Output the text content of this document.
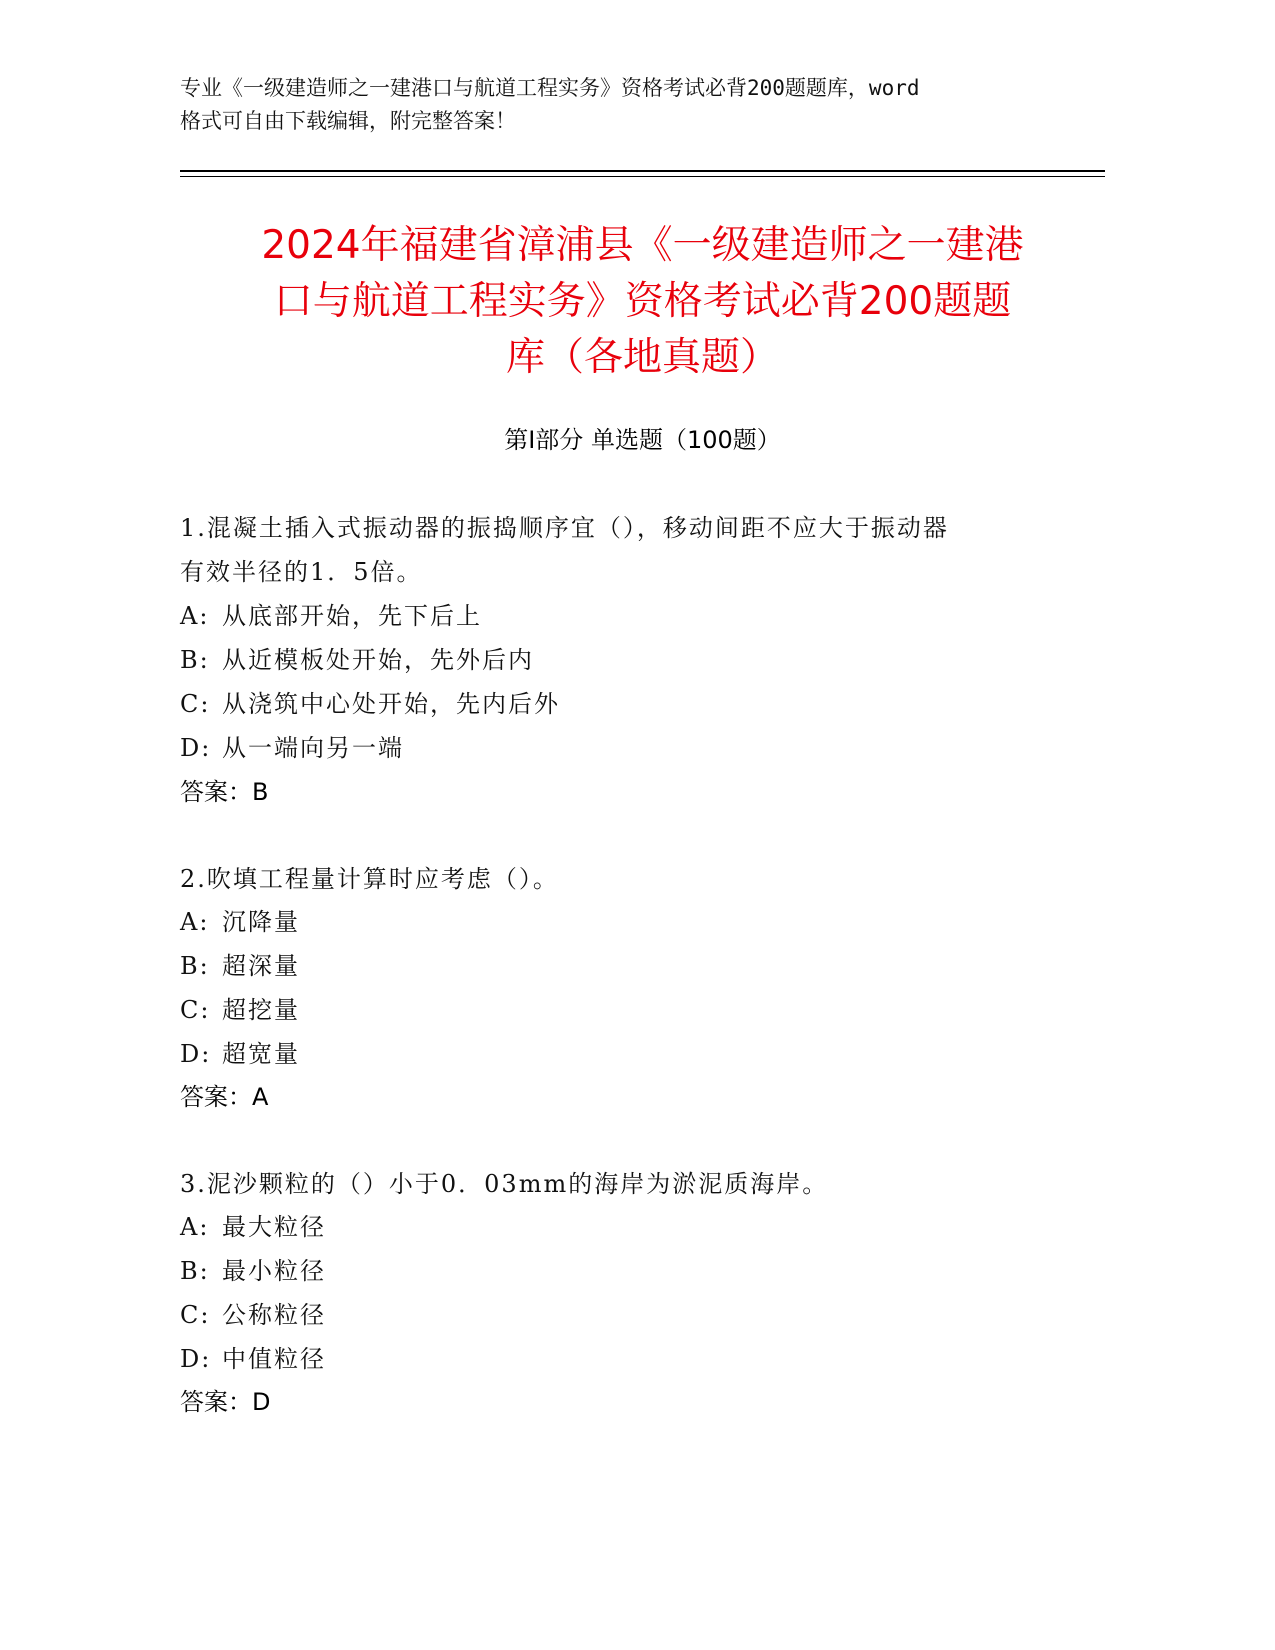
专业《一级建造师之一建港口与航道工程实务》资格考试必背200题题库，word
格式可自由下载编辑，附完整答案！
2024年福建省漳浦县《一级建造师之一建港
口与航道工程实务》资格考试必背200题题
库（各地真题）
第Ⅰ部分 单选题（100题）
1.混凝土插入式振动器的振捣顺序宜（），移动间距不应大于振动器
有效半径的1．5倍。
A: 从底部开始，先下后上
B: 从近模板处开始，先外后内
C: 从浇筑中心处开始，先内后外
D: 从一端向另一端
答案：B
2.吹填工程量计算时应考虑（）。
A: 沉降量
B: 超深量
C: 超挖量
D: 超宽量
答案：A
3.泥沙颗粒的（）小于0．03mm的海岸为淤泥质海岸。
A: 最大粒径
B: 最小粒径
C: 公称粒径
D: 中值粒径
答案：D
